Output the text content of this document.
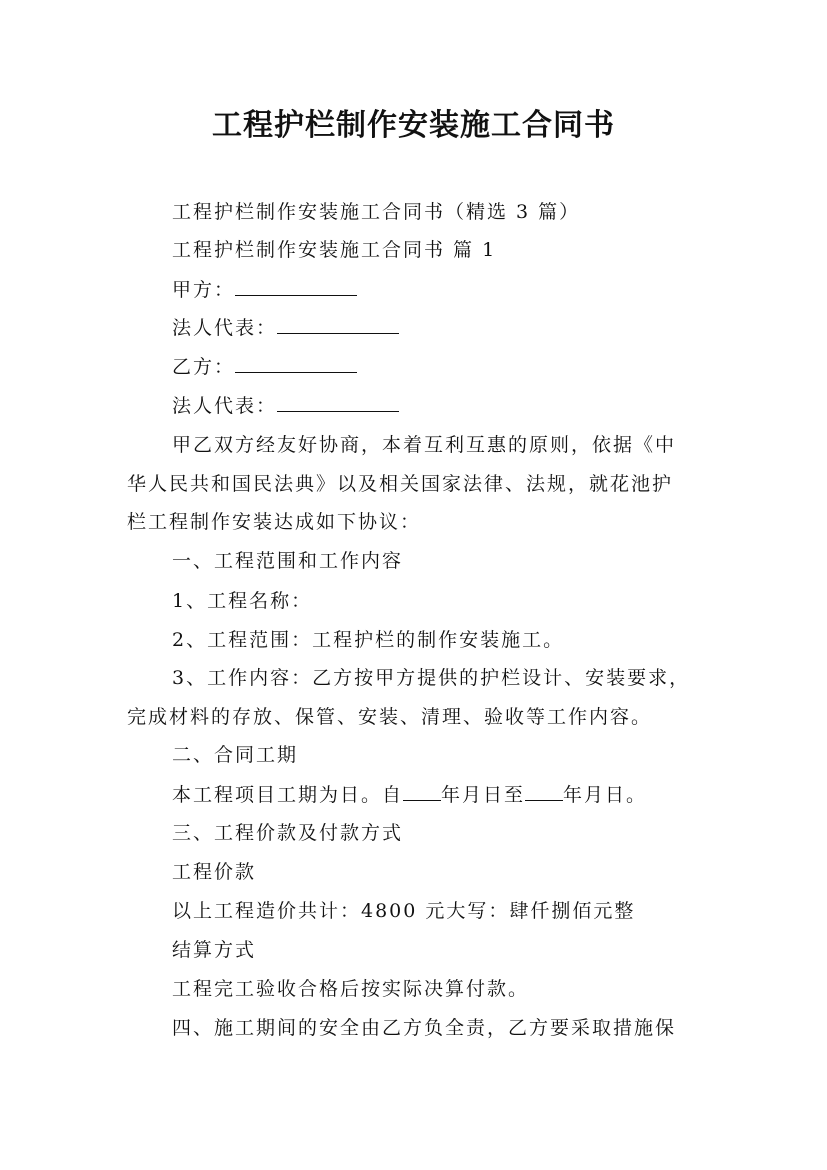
工程护栏制作安装施工合同书
工程护栏制作安装施工合同书（精选 3 篇）
工程护栏制作安装施工合同书 篇 1
甲方：
法人代表：
乙方：
法人代表：
甲乙双方经友好协商，本着互利互惠的原则，依据《中
华人民共和国民法典》以及相关国家法律、法规，就花池护
栏工程制作安装达成如下协议：
一、工程范围和工作内容
1、工程名称：
2、工程范围：工程护栏的制作安装施工。
3、工作内容：乙方按甲方提供的护栏设计、安装要求，
完成材料的存放、保管、安装、清理、验收等工作内容。
二、合同工期
本工程项目工期为日。自 年月日至 年月日。
三、工程价款及付款方式
工程价款
以上工程造价共计：4800 元大写：肆仟捌佰元整
结算方式
工程完工验收合格后按实际决算付款。
四、施工期间的安全由乙方负全责，乙方要采取措施保
